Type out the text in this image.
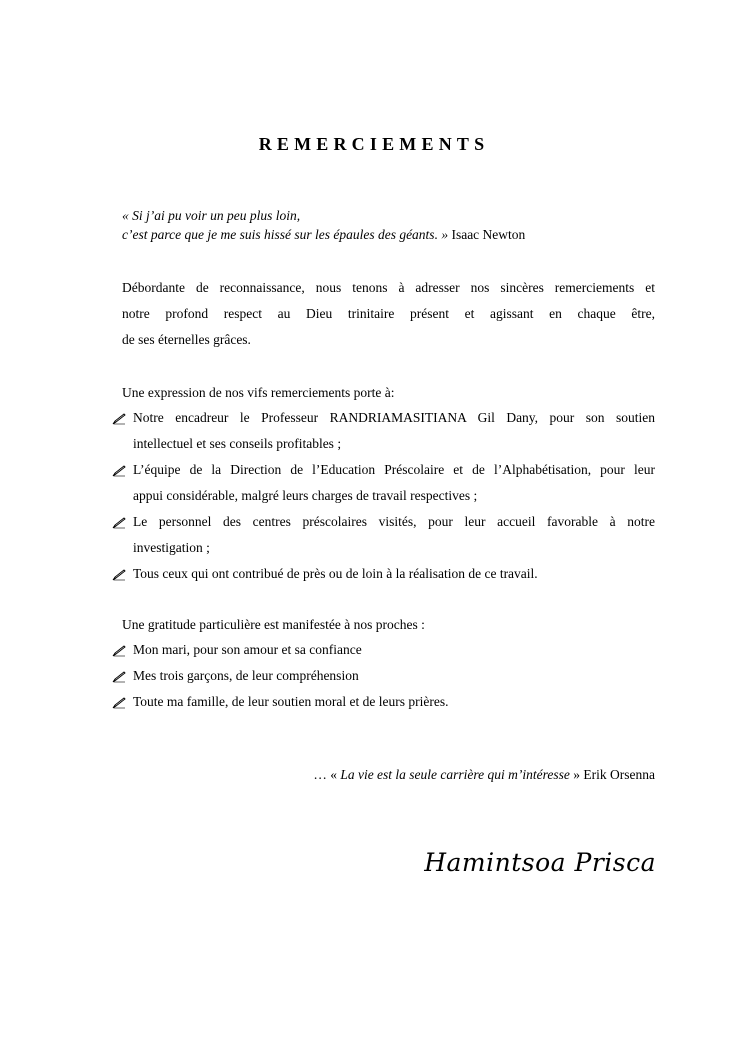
REMERCIEMENTS
« Si j’ai pu voir un peu plus loin,
c’est parce que je me suis hissé sur les épaules des géants. » Isaac Newton
Débordante de reconnaissance, nous tenons à adresser nos sincères remerciements et
notre profond respect au Dieu trinitaire présent et agissant en chaque être,
de ses éternelles grâces.
Une expression de nos vifs remerciements porte à:
Notre encadreur le Professeur RANDRIAMASITIANA Gil Dany, pour son soutien
intellectuel et ses conseils profitables ;
L’équipe de la Direction de l’Education Préscolaire et de l’Alphabétisation, pour leur
appui considérable, malgré leurs charges de travail respectives ;
Le personnel des centres préscolaires visités, pour leur accueil favorable à notre
investigation ;
Tous ceux qui ont contribué de près ou de loin à la réalisation de ce travail.
Une gratitude particulière est manifestée à nos proches :
Mon mari, pour son amour et sa confiance
Mes trois garçons, de leur compréhension
Toute ma famille, de leur soutien moral et de leurs prières.
… « La vie est la seule carrière qui m’intéresse » Erik Orsenna
Hamintsoa Prisca
